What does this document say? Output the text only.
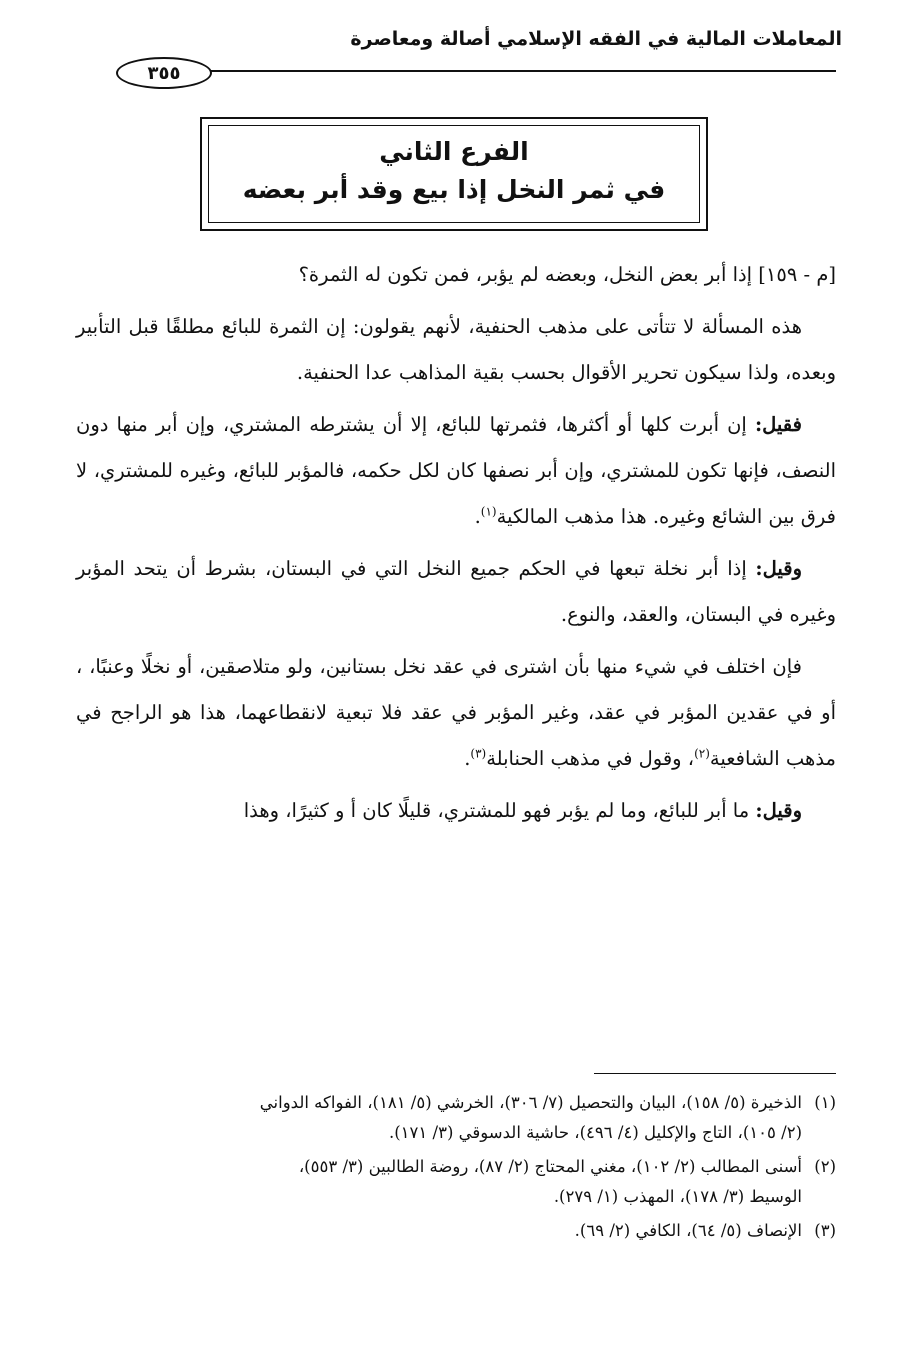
المعاملات المالية في الفقه الإسلامي أصالة ومعاصرة
٣٥٥
الفرع الثاني
في ثمر النخل إذا بيع وقد أبر بعضه

[م - ١٥٩] إذا أبر بعض النخل، وبعضه لم يؤبر، فمن تكون له الثمرة؟

هذه المسألة لا تتأتى على مذهب الحنفية، لأنهم يقولون: إن الثمرة للبائع مطلقًا قبل التأبير وبعده، ولذا سيكون تحرير الأقوال بحسب بقية المذاهب عدا الحنفية.

فقيل: إن أبرت كلها أو أكثرها، فثمرتها للبائع، إلا أن يشترطه المشتري، وإن أبر منها دون النصف، فإنها تكون للمشتري، وإن أبر نصفها كان لكل حكمه، فالمؤبر للبائع، وغيره للمشتري، لا فرق بين الشائع وغيره. هذا مذهب المالكية$^{(١)}$.

وقيل: إذا أبر نخلة تبعها في الحكم جميع النخل التي في البستان، بشرط أن يتحد المؤبر وغيره في البستان، والعقد، والنوع.

فإن اختلف في شيء منها بأن اشترى في عقد نخل بستانين، ولو متلاصقين، أو نخلًا وعنبًا، ، أو في عقدين المؤبر في عقد، وغير المؤبر في عقد فلا تبعية لانقطاعهما، هذا هو الراجح في مذهب الشافعية$^{(٢)}$، وقول في مذهب الحنابلة$^{(٣)}$.

وقيل: ما أبر للبائع، وما لم يؤبر فهو للمشتري، قليلًا كان أ و كثيرًا، وهذا

(١)الذخيرة (٥/ ١٥٨)، البيان والتحصيل (٧/ ٣٠٦)، الخرشي (٥/ ١٨١)، الفواكه الدواني
(٢/ ١٠٥)، التاج والإكليل (٤/ ٤٩٦)، حاشية الدسوقي (٣/ ١٧١).
(٢)أسنى المطالب (٢/ ١٠٢)، مغني المحتاج (٢/ ٨٧)، روضة الطالبين (٣/ ٥٥٣)،
الوسيط (٣/ ١٧٨)، المهذب (١/ ٢٧٩).
(٣)الإنصاف (٥/ ٦٤)، الكافي (٢/ ٦٩).
